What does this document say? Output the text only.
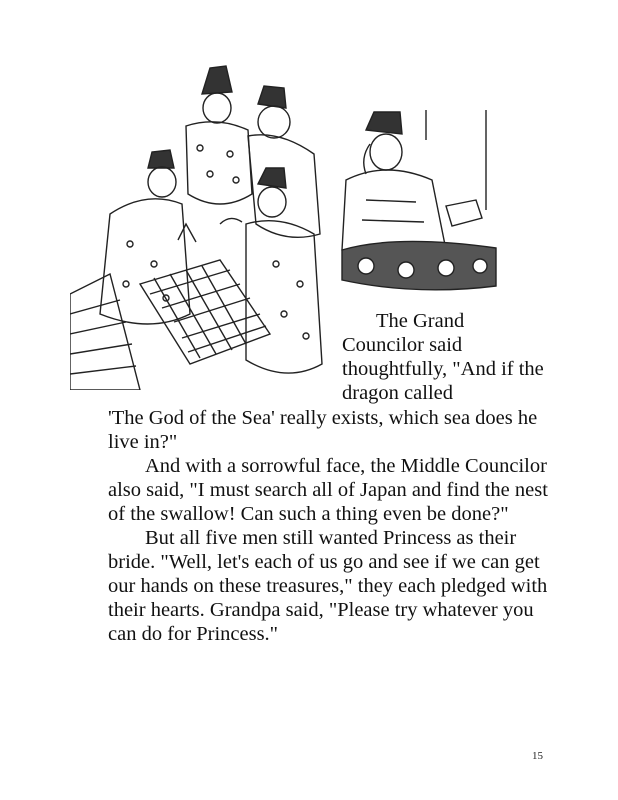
The Grand
Councilor said
thoughtfully, "And if the
dragon called
'The God of the Sea' really exists, which sea does he
live in?"
And with a sorrowful face, the Middle Councilor
also said, "I must search all of Japan and find the nest
of the swallow! Can such a thing even be done?"
But all five men still wanted Princess as their
bride. "Well, let's each of us go and see if we can get
our hands on these treasures," they each pledged with
their hearts. Grandpa said, "Please try whatever you
can do for Princess."
15
